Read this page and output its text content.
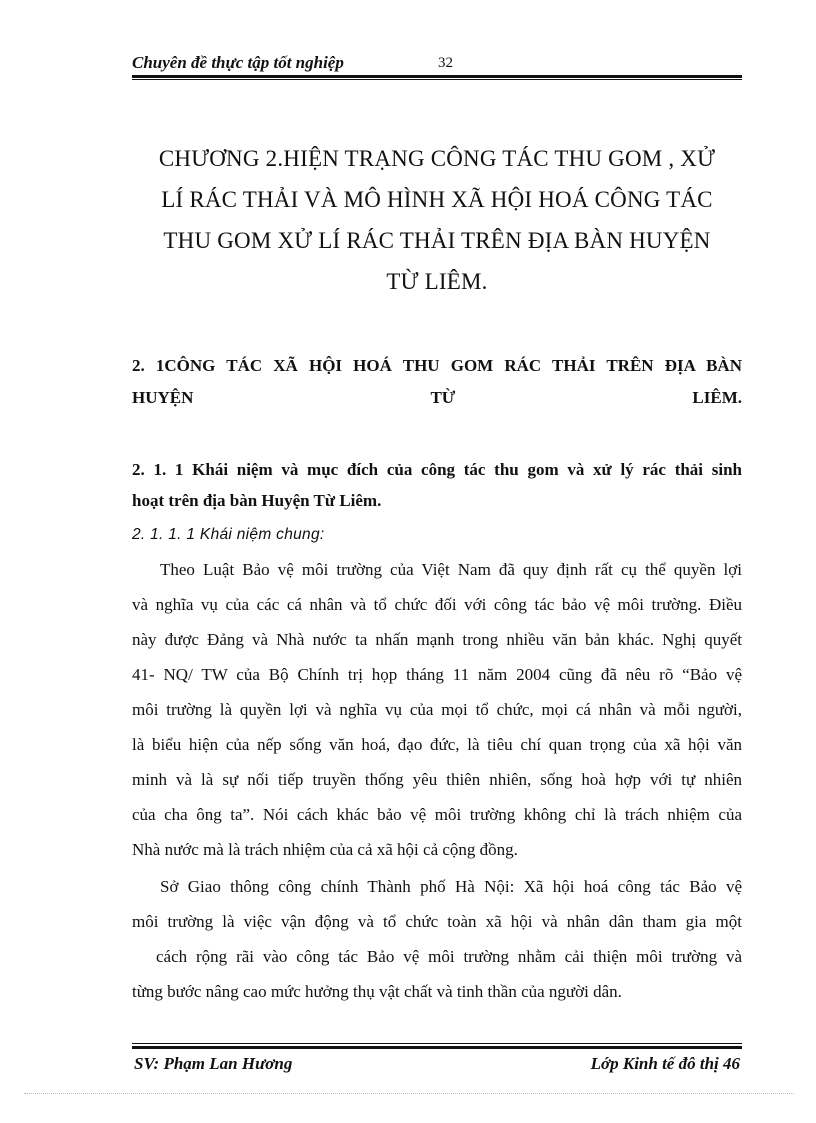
Chuyên đề thực tập tốt nghiệp	32
CHƯƠNG 2.HIỆN TRẠNG CÔNG TÁC THU GOM , XỬ
LÍ RÁC THẢI VÀ MÔ HÌNH XÃ HỘI HOÁ CÔNG TÁC
THU GOM XỬ LÍ RÁC THẢI TRÊN ĐỊA BÀN HUYỆN
TỪ LIÊM.
2. 1CÔNG TÁC XÃ HỘI HOÁ THU GOM RÁC THẢI TRÊN ĐỊA BÀN
HUYỆN	TỪ	LIÊM.
2. 1. 1 Khái niệm và mục đích của công tác thu gom và xử lý rác thải sinh
hoạt trên địa bàn Huyện Từ Liêm.
2. 1. 1. 1 Khái niệm chung:
Theo Luật Bảo vệ môi trường của Việt Nam đã quy định rất cụ thể quyền lợi
và nghĩa vụ của các cá nhân và tổ chức đối với công tác bảo vệ môi trường. Điều
này được Đảng và Nhà nước ta nhấn mạnh trong nhiều văn bản khác. Nghị quyết
41- NQ/ TW của Bộ Chính trị họp tháng 11 năm 2004 cũng đã nêu rõ “Bảo vệ
môi trường là quyền lợi và nghĩa vụ của mọi tổ chức, mọi cá nhân và mỗi người,
là biểu hiện của nếp sống văn hoá, đạo đức, là tiêu chí quan trọng của xã hội văn
minh và là sự nối tiếp truyền thống yêu thiên nhiên, sống hoà hợp với tự nhiên
của cha ông ta”. Nói cách khác bảo vệ môi trường không chỉ là trách nhiệm của
Nhà nước mà là trách nhiệm của cả xã hội cả cộng đồng.
Sở Giao thông công chính Thành phố Hà Nội: Xã hội hoá công tác Bảo vệ
môi trường là việc vận động và tổ chức toàn xã hội và nhân dân tham gia một
cách rộng rãi vào công tác Bảo vệ môi trường nhằm cải thiện môi trường và
từng bước nâng cao mức hưởng thụ vật chất và tinh thần của người dân.
SV: Phạm Lan Hương	Lớp Kinh tế đô thị 46
